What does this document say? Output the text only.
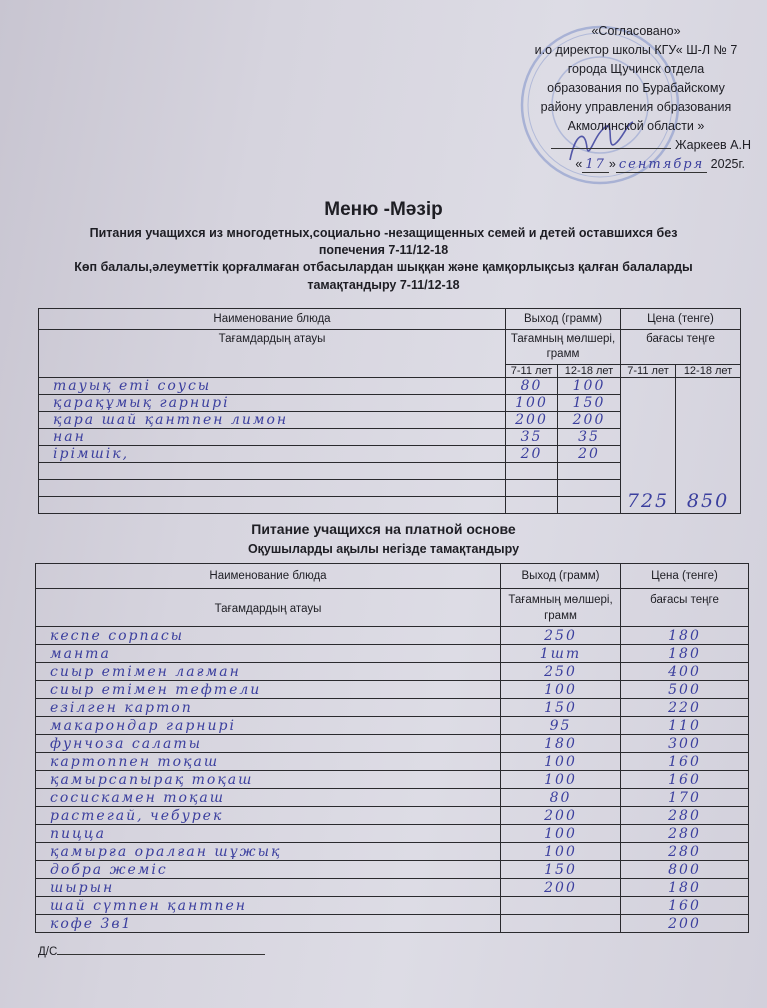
«Согласовано»
и.о директор школы КГУ« Ш-Л № 7
города Щучинск отдела
образования по Бурабайскому
району управления образования
Акмолинской области »
Жаркеев А.Н
« 17 » сентября 2025г.
Меню -Мәзір
Питания учащихся из многодетных,социально -незащищенных семей и детей оставшихся без
попечения 7-11/12-18
Көп балалы,әлеуметтік қорғалмаған отбасылардан шыққан және қамқорлықсыз қалған балаларды
тамақтандыру 7-11/12-18
Наименование блюда	Выход (грамм)		Цена (тенге)	
Тағамдардың атауы	Тағамның мөлшері, грамм		бағасы теңге	
	7-11 лет	12-18 лет	7-11 лет	12-18 лет
тауық еті соусы	80	100	725	850
қарақұмық гарнирі	100	150		
қара шай қантпен лимон	200	200		
нан	35	35		
ірімшік,	20	20		

Питание учащихся на платной основе
Оқушыларды ақылы негізде тамақтандыру
Наименование блюда	Выход (грамм)	Цена (тенге)
Тағамдардың атауы	Тағамның мөлшері, грамм	бағасы теңге
кеспе сорпасы	250	180
манта	1шт	180
сиыр етімен лағман	250	400
сиыр етімен тефтели	100	500
езілген картоп	150	220
макарондар гарнирі	95	110
фунчоза салаты	180	300
картоппен тоқаш	100	160
қамырсапырақ тоқаш	100	160
сосискамен тоқаш	80	170
растегай, чебурек	200	280
пицца	100	280
қамырға оралған шұжық	100	280
добра жеміс	150	800
шырын	200	180
шай сүтпен қантпен		160
кофе 3в1		200
Д/С
